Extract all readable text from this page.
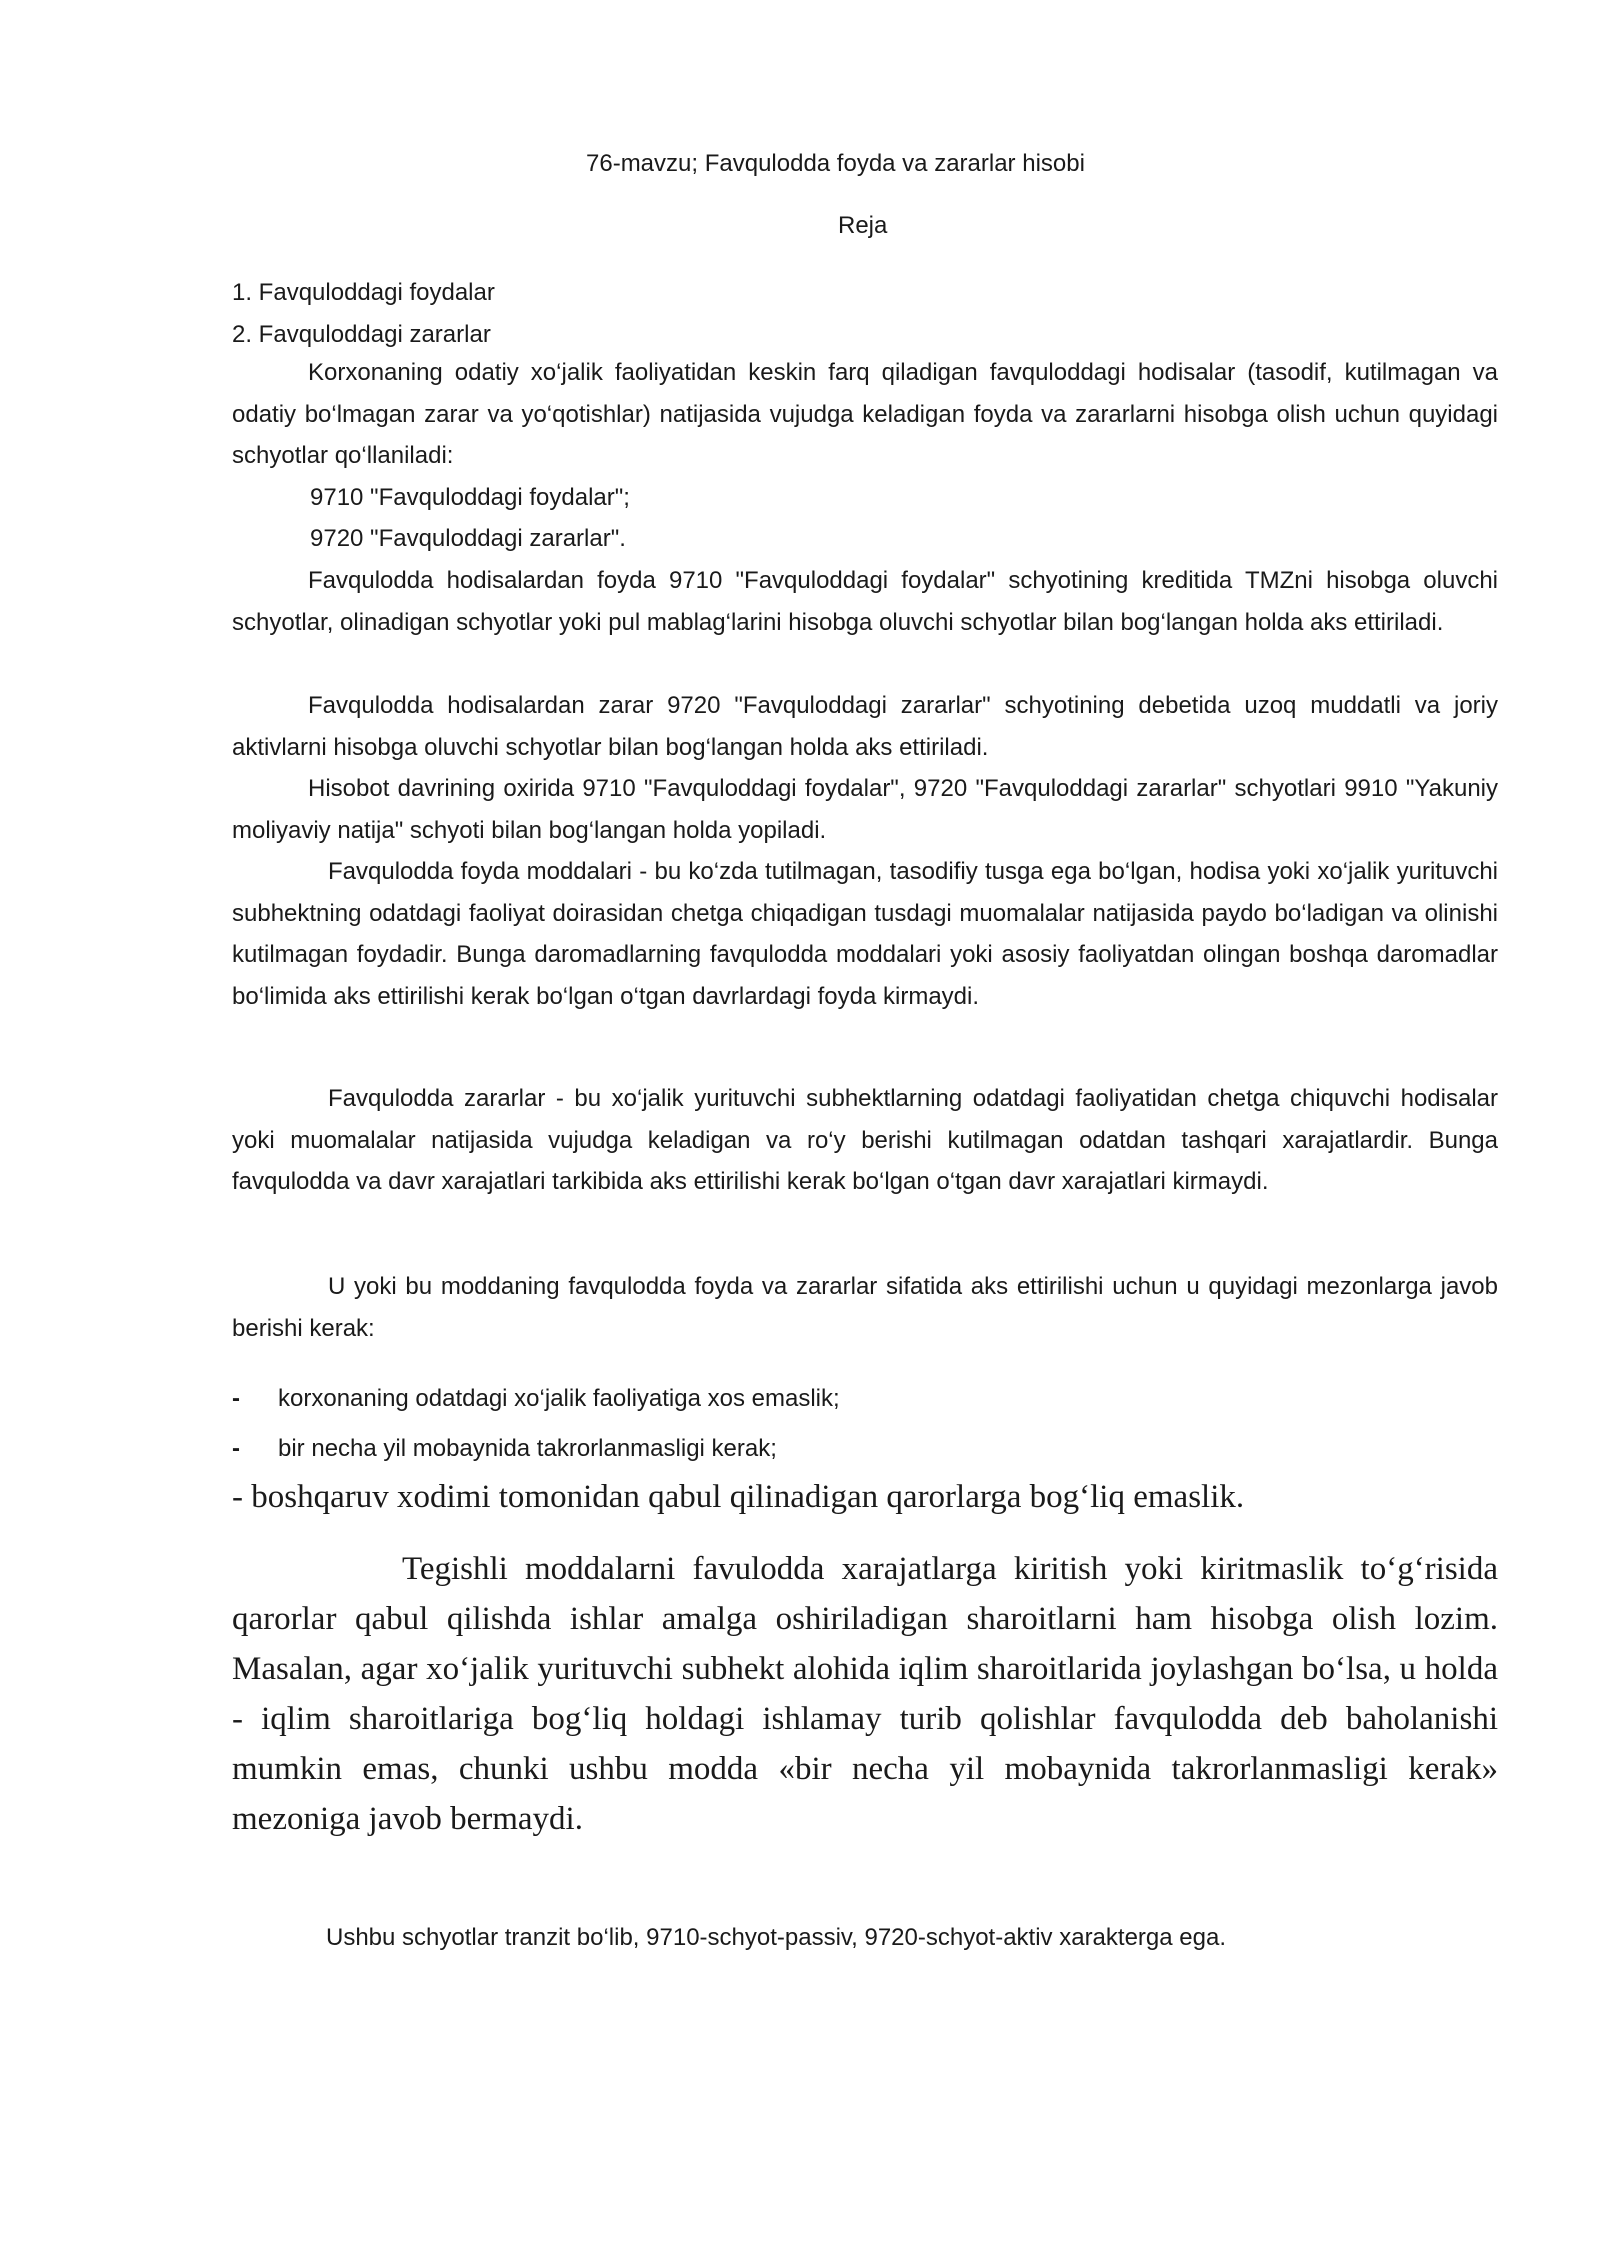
76-mavzu; Favqulodda foyda va zararlar hisobi
Reja
1. Favquloddagi foydalar
2. Favquloddagi zararlar

Korxonaning odatiy xo‘jalik faoliyatidan keskin farq qiladigan favquloddagi hodisalar (tasodif, kutilmagan va odatiy bo‘lmagan zarar va yo‘qotishlar) natijasida vujudga keladigan foyda va zararlarni hisobga olish uchun quyidagi schyotlar qo‘llaniladi:

9710 "Favquloddagi foydalar";
9720 "Favquloddagi zararlar".

Favqulodda hodisalardan foyda 9710 "Favquloddagi foydalar" schyotining kreditida TMZni hisobga oluvchi schyotlar, olinadigan schyotlar yoki pul mablag‘larini hisobga oluvchi schyotlar bilan bog‘langan holda aks ettiriladi.

Favqulodda hodisalardan zarar 9720 "Favquloddagi zararlar" schyotining debetida uzoq muddatli va joriy aktivlarni hisobga oluvchi schyotlar bilan bog‘langan holda aks ettiriladi.

Hisobot davrining oxirida 9710 "Favquloddagi foydalar", 9720 "Favquloddagi zararlar" schyotlari 9910 "Yakuniy moliyaviy natija" schyoti bilan bog‘langan holda yopiladi.

Favqulodda foyda moddalari - bu ko‘zda tutilmagan, tasodifiy tusga ega bo‘lgan, hodisa yoki xo‘jalik yurituvchi subhektning odatdagi faoliyat doirasidan chetga chiqadigan tusdagi muomalalar natijasida paydo bo‘ladigan va olinishi kutilmagan foydadir. Bunga daromadlarning favqulodda moddalari yoki asosiy faoliyatdan olingan boshqa daromadlar bo‘limida aks ettirilishi kerak bo‘lgan o‘tgan davrlardagi foyda kirmaydi.

Favqulodda zararlar - bu xo‘jalik yurituvchi subhektlarning odatdagi faoliyatidan chetga chiquvchi hodisalar yoki muomalalar natijasida vujudga keladigan va ro‘y berishi kutilmagan odatdan tashqari xarajatlardir. Bunga favqulodda va davr xarajatlari tarkibida aks ettirilishi kerak bo‘lgan o‘tgan davr xarajatlari kirmaydi.

U yoki bu moddaning favqulodda foyda va zararlar sifatida aks ettirilishi uchun u quyidagi mezonlarga javob berishi kerak:

- korxonaning odatdagi xo‘jalik faoliyatiga xos emaslik;
- bir necha yil mobaynida takrorlanmasligi kerak;
- boshqaruv xodimi tomonidan qabul qilinadigan qarorlarga bog‘liq emaslik.

Tegishli moddalarni favulodda xarajatlarga kiritish yoki kiritmaslik to‘g‘risida qarorlar qabul qilishda ishlar amalga oshiriladigan sharoitlarni ham hisobga olish lozim. Masalan, agar xo‘jalik yurituvchi subhekt alohida iqlim sharoitlarida joylashgan bo‘lsa, u holda - iqlim sharoitlariga bog‘liq holdagi ishlamay turib qolishlar favqulodda deb baholanishi mumkin emas, chunki ushbu modda «bir necha yil mobaynida takrorlanmasligi kerak» mezoniga javob bermaydi.

Ushbu schyotlar tranzit bo‘lib, 9710-schyot-passiv, 9720-schyot-aktiv xarakterga ega.
